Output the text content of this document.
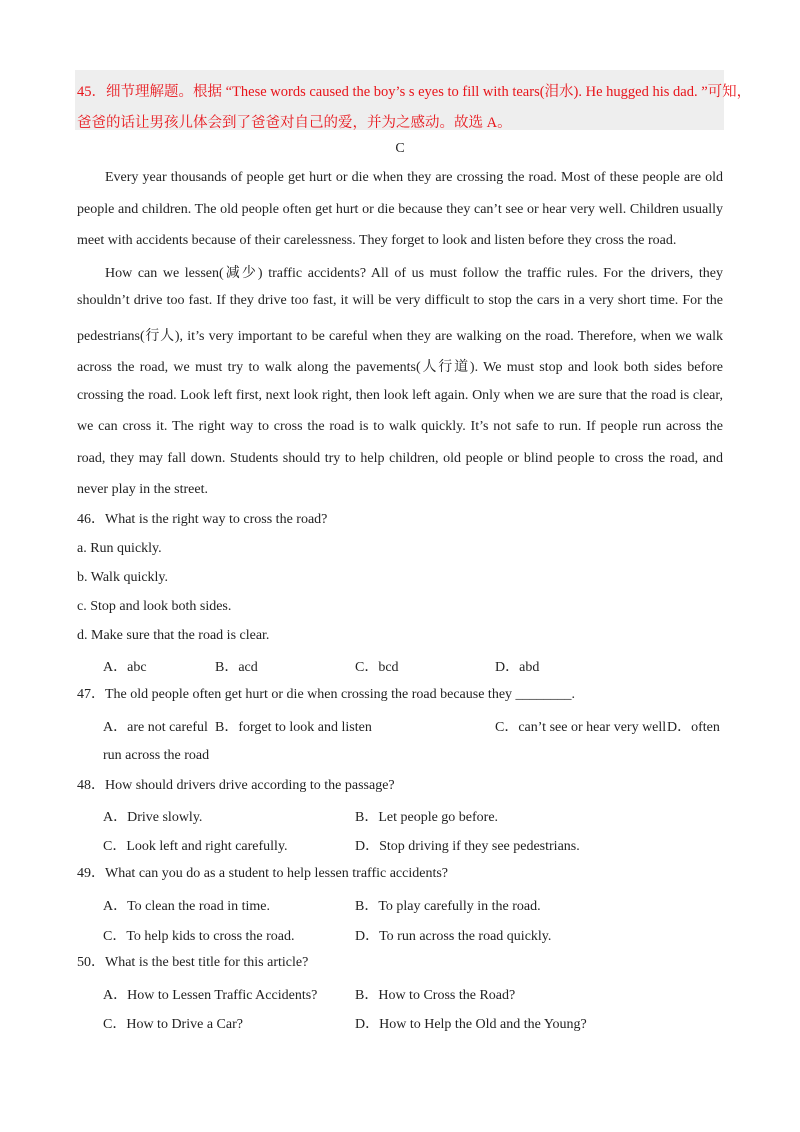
45．细节理解题。根据 “These words caused the boy’s s eyes to fill with tears(泪水). He hugged his dad. ”可知，
爸爸的话让男孩儿体会到了爸爸对自己的爱，并为之感动。故选 A。
C
Every year thousands of people get hurt or die when they are crossing the road. Most of these people are old
people and children. The old people often get hurt or die because they can’t see or hear very well. Children usually
meet with accidents because of their carelessness. They forget to look and listen before they cross the road.
How can we lessen(减少) traffic accidents? All of us must follow the traffic rules. For the drivers, they
shouldn’t drive too fast. If they drive too fast, it will be very difficult to stop the cars in a very short time. For the
pedestrians(行人), it’s very important to be careful when they are walking on the road. Therefore, when we walk
across the road, we must try to walk along the pavements(人行道). We must stop and look both sides before
crossing the road. Look left first, next look right, then look left again. Only when we are sure that the road is clear,
we can cross it. The right way to cross the road is to walk quickly. It’s not safe to run. If people run across the
road, they may fall down. Students should try to help children, old people or blind people to cross the road, and
never play in the street.
46．What is the right way to cross the road?
a. Run quickly.
b. Walk quickly.
c. Stop and look both sides.
d. Make sure that the road is clear.
A．abc	B．acd	C．bcd	D．abd
47．The old people often get hurt or die when crossing the road because they ________.
A．are not careful B．forget to look and listen	C．can’t see or hear very well D．often
run across the road
48．How should drivers drive according to the passage?
A．Drive slowly.	B．Let people go before.
C．Look left and right carefully.	D．Stop driving if they see pedestrians.
49．What can you do as a student to help lessen traffic accidents?
A．To clean the road in time.	B．To play carefully in the road.
C．To help kids to cross the road.	D．To run across the road quickly.
50．What is the best title for this article?
A．How to Lessen Traffic Accidents?	B．How to Cross the Road?
C．How to Drive a Car?	D．How to Help the Old and the Young?
